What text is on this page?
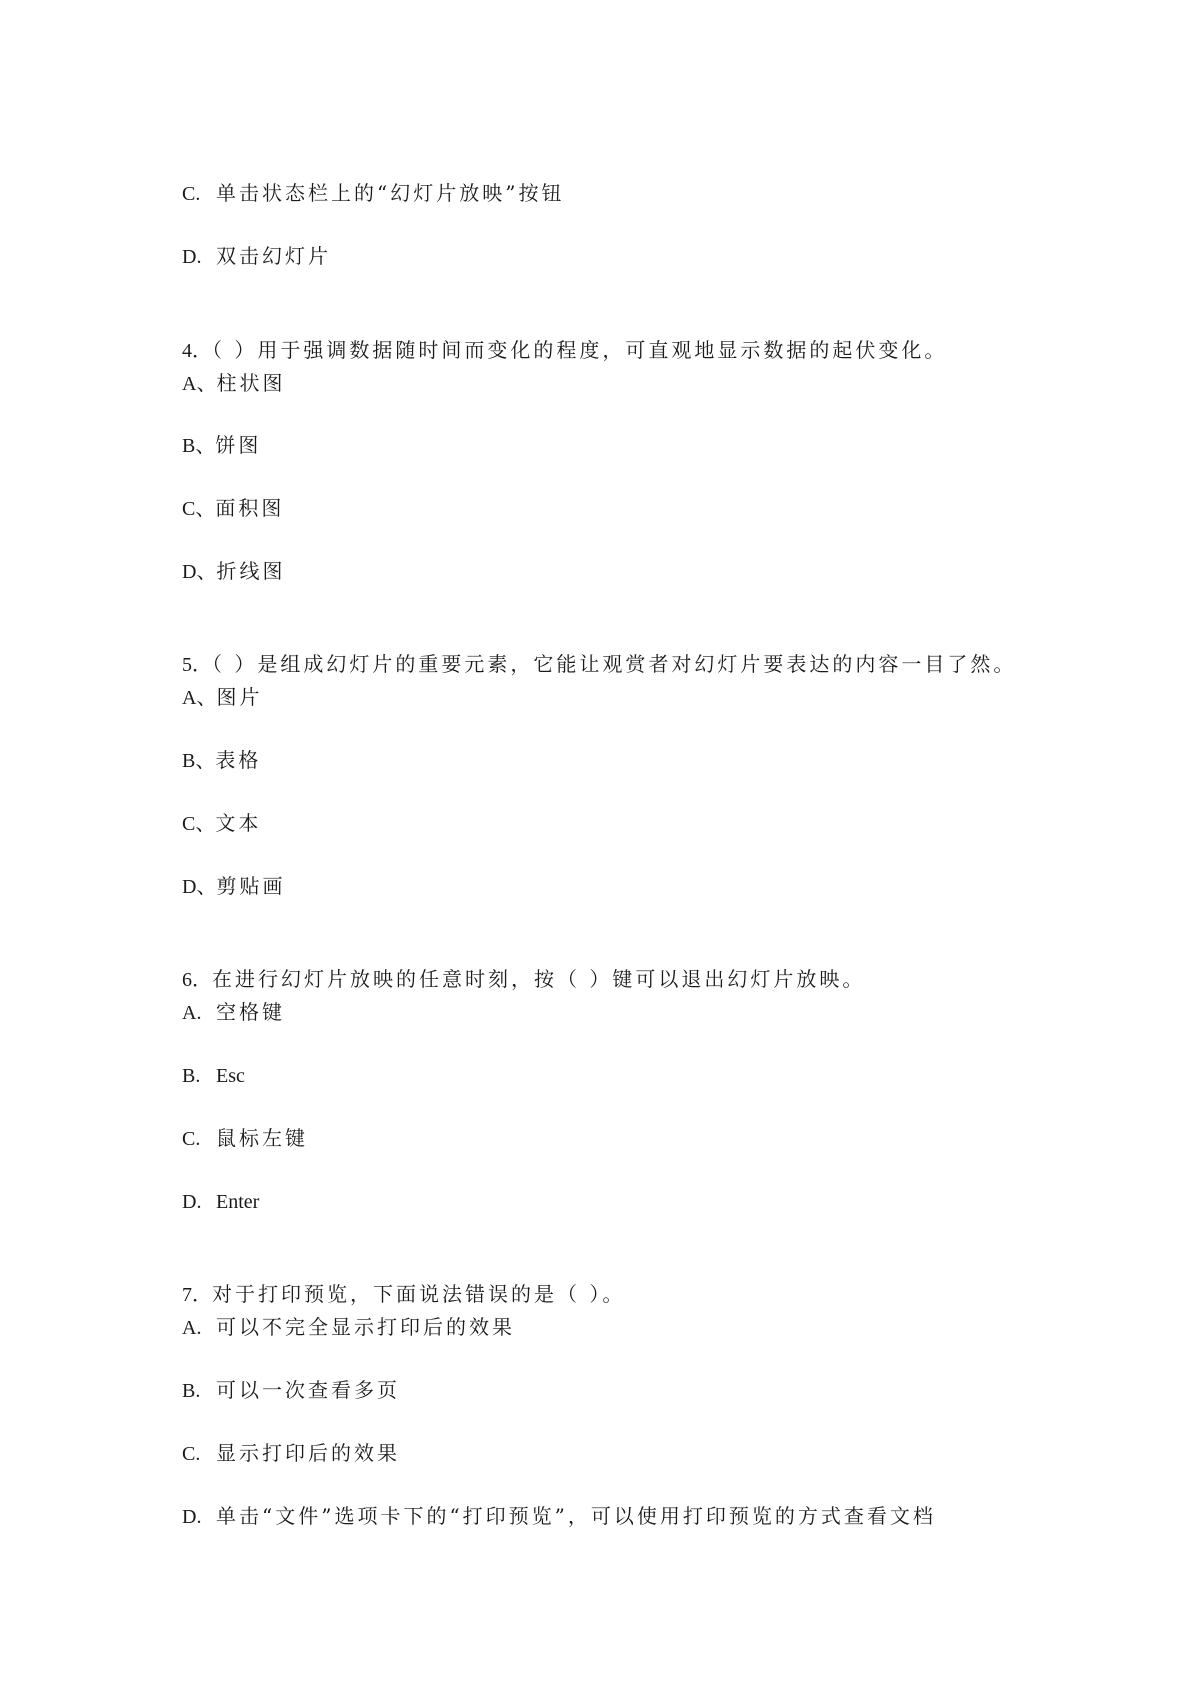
C. 单击状态栏上的“幻灯片放映”按钮
D. 双击幻灯片
4．（ ）用于强调数据随时间而变化的程度，可直观地显示数据的起伏变化。
A、柱状图
B、饼图
C、面积图
D、折线图
5．（ ）是组成幻灯片的重要元素，它能让观赏者对幻灯片要表达的内容一目了然。
A、图片
B、表格
C、文本
D、剪贴画
6．在进行幻灯片放映的任意时刻，按（ ）键可以退出幻灯片放映。
A. 空格键
B. Esc
C. 鼠标左键
D. Enter
7．对于打印预览，下面说法错误的是（ ）。
A. 可以不完全显示打印后的效果
B. 可以一次查看多页
C. 显示打印后的效果
D. 单击“文件”选项卡下的“打印预览”，可以使用打印预览的方式查看文档
